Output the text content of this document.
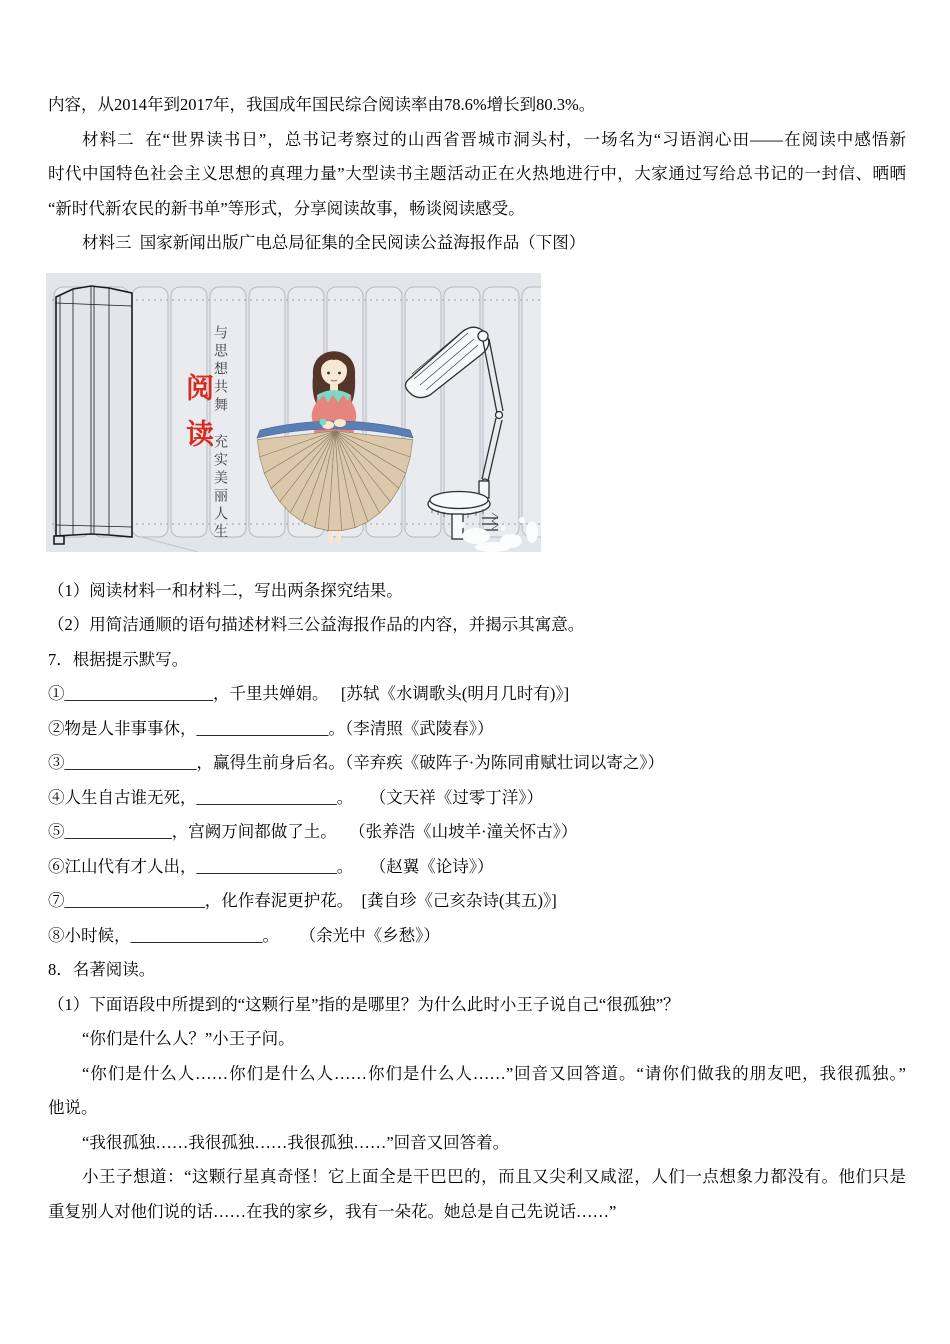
内容，从2014年到2017年，我国成年国民综合阅读率由78.6%增长到80.3%。
材料二  在“世界读书日”，总书记考察过的山西省晋城市洞头村，一场名为“习语润心田——在阅读中感悟新
时代中国特色社会主义思想的真理力量”大型读书主题活动正在火热地进行中，大家通过写给总书记的一封信、晒晒
“新时代新农民的新书单”等形式，分享阅读故事，畅谈阅读感受。
材料三  国家新闻出版广电总局征集的全民阅读公益海报作品（下图）
阅读 与思想共舞 充实美丽人生
（1）阅读材料一和材料二，写出两条探究结果。
（2）用简洁通顺的语句描述材料三公益海报作品的内容，并揭示其寓意。
7．根据提示默写。
①__________________，千里共婵娟。   [苏轼《水调歌头(明月几时有)》]
②物是人非事事休，________________。（李清照《武陵春》）
③________________，赢得生前身后名。（辛弃疾《破阵子·为陈同甫赋壮词以寄之》）
④人生自古谁无死，_________________。    （文天祥《过零丁洋》）
⑤_____________，宫阙万间都做了土。   （张养浩《山坡羊·潼关怀古》）
⑥江山代有才人出，_________________。    （赵翼《论诗》）
⑦_________________，化作春泥更护花。  [龚自珍《己亥杂诗(其五)》]
⑧小时候，________________。     （余光中《乡愁》）
8．名著阅读。
（1）下面语段中所提到的“这颗行星”指的是哪里？为什么此时小王子说自己“很孤独”？
“你们是什么人？”小王子问。
“你们是什么人……你们是什么人……你们是什么人……”回音又回答道。“请你们做我的朋友吧，我很孤独。”
他说。
“我很孤独……我很孤独……我很孤独……”回音又回答着。
小王子想道：“这颗行星真奇怪！它上面全是干巴巴的，而且又尖利又咸涩，人们一点想象力都没有。他们只是
重复别人对他们说的话……在我的家乡，我有一朵花。她总是自己先说话……”
